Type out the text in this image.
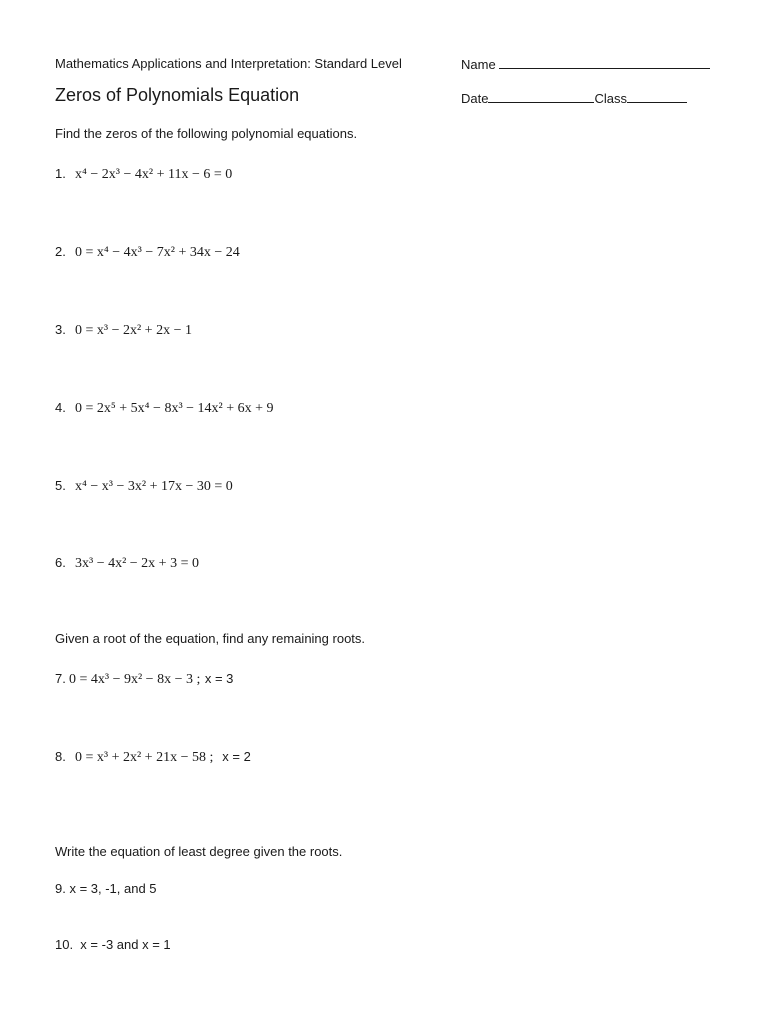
Mathematics Applications and Interpretation: Standard Level
Zeros of Polynomials Equation
Name
Date	Class
Find the zeros of the following polynomial equations.
1. x⁴ − 2x³ − 4x² + 11x − 6 = 0
2. 0 = x⁴ − 4x³ − 7x² + 34x − 24
3. 0 = x³ − 2x² + 2x − 1
4. 0 = 2x⁵ + 5x⁴ − 8x³ − 14x² + 6x + 9
5. x⁴ − x³ − 3x² + 17x − 30 = 0
6. 3x³ − 4x² − 2x + 3 = 0
Given a root of the equation, find any remaining roots.
7. 0 = 4x³ − 9x² − 8x − 3 ; x = 3
8. 0 = x³ + 2x² + 21x − 58 ; x = 2
Write the equation of least degree given the roots.
9. x = 3, -1, and 5
10.  x = -3 and x = 1
